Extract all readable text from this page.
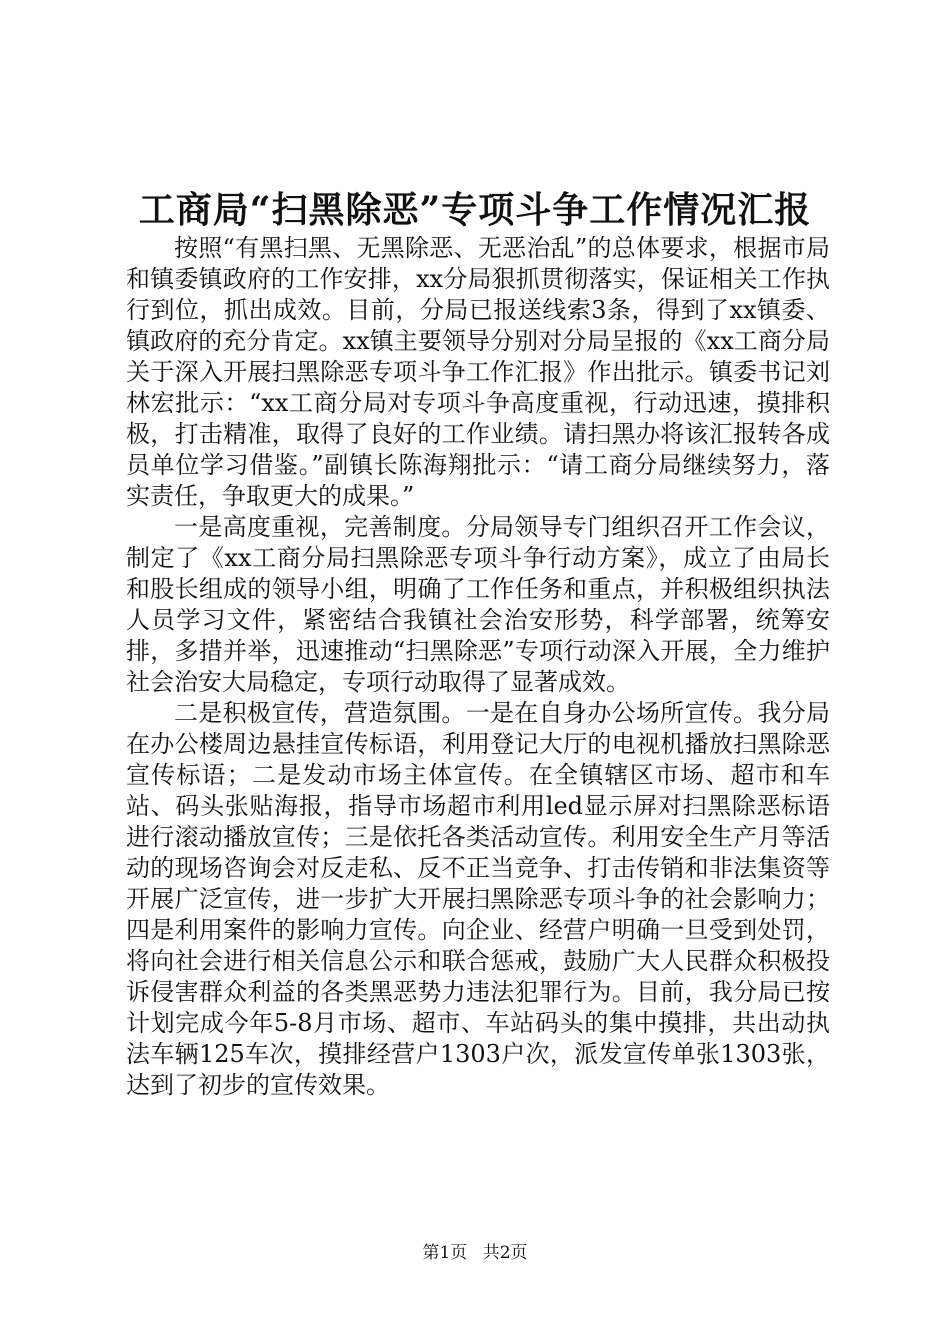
工商局“扫黑除恶”专项斗争工作情况汇报

按照“有黑扫黑、无黑除恶、无恶治乱”的总体要求，根据市局和镇委镇政府的工作安排，xx分局狠抓贯彻落实，保证相关工作执行到位，抓出成效。目前，分局已报送线索3条，得到了xx镇委、镇政府的充分肯定。xx镇主要领导分别对分局呈报的《xx工商分局关于深入开展扫黑除恶专项斗争工作汇报》作出批示。镇委书记刘林宏批示：“xx工商分局对专项斗争高度重视，行动迅速，摸排积极，打击精准，取得了良好的工作业绩。请扫黑办将该汇报转各成员单位学习借鉴。”副镇长陈海翔批示：“请工商分局继续努力，落实责任，争取更大的成果。”

一是高度重视，完善制度。分局领导专门组织召开工作会议，制定了《xx工商分局扫黑除恶专项斗争行动方案》，成立了由局长和股长组成的领导小组，明确了工作任务和重点，并积极组织执法人员学习文件，紧密结合我镇社会治安形势，科学部署，统筹安排，多措并举，迅速推动“扫黑除恶”专项行动深入开展，全力维护社会治安大局稳定，专项行动取得了显著成效。

二是积极宣传，营造氛围。一是在自身办公场所宣传。我分局在办公楼周边悬挂宣传标语，利用登记大厅的电视机播放扫黑除恶宣传标语；二是发动市场主体宣传。在全镇辖区市场、超市和车站、码头张贴海报，指导市场超市利用led显示屏对扫黑除恶标语进行滚动播放宣传；三是依托各类活动宣传。利用安全生产月等活动的现场咨询会对反走私、反不正当竞争、打击传销和非法集资等开展广泛宣传，进一步扩大开展扫黑除恶专项斗争的社会影响力；四是利用案件的影响力宣传。向企业、经营户明确一旦受到处罚，将向社会进行相关信息公示和联合惩戒，鼓励广大人民群众积极投诉侵害群众利益的各类黑恶势力违法犯罪行为。目前，我分局已按计划完成今年5-8月市场、超市、车站码头的集中摸排，共出动执法车辆125车次，摸排经营户1303户次，派发宣传单张1303张，达到了初步的宣传效果。

第1页 共2页
